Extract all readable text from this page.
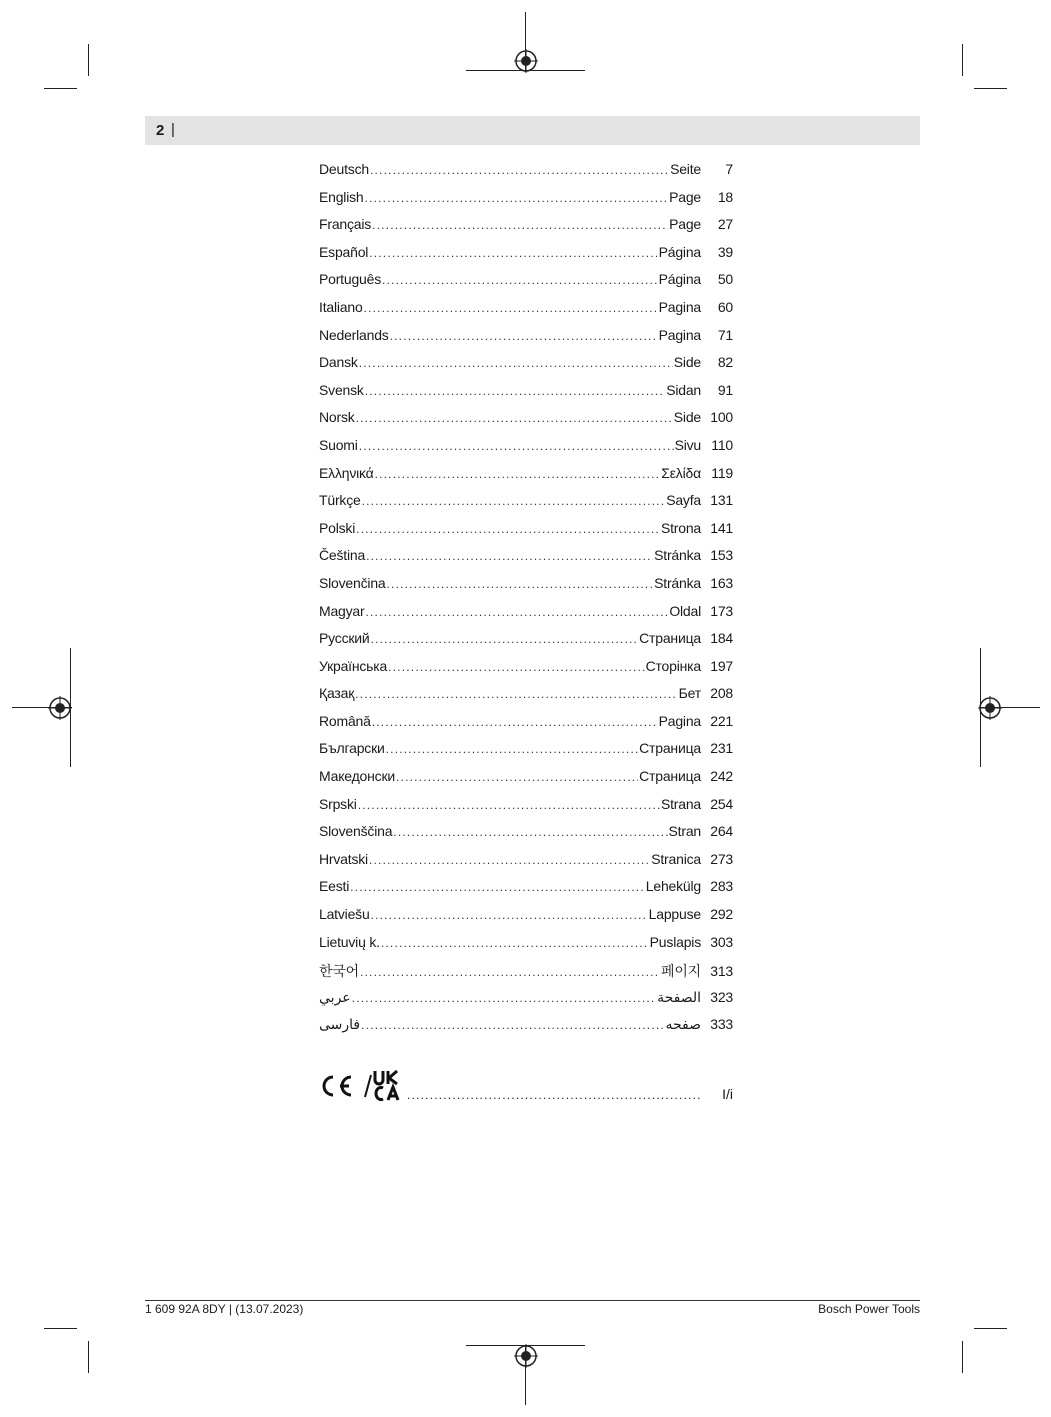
2 |
Deutsch .....	Seite	7
English .....	Page	18
Français .....	Page	27
Español .....	Página	39
Português .....	Página	50
Italiano .....	Pagina	60
Nederlands .....	Pagina	71
Dansk .....	Side	82
Svensk .....	Sidan	91
Norsk .....	Side 100
Suomi .....	Sivu 110
Ελληνικά .....	Σελίδα 119
Türkçe .....	Sayfa 131
Polski .....	Strona 141
Čeština .....	Stránka 153
Slovenčina .....	Stránka 163
Magyar .....	Oldal 173
Русский .....	Страница 184
Українська .....	Сторінка 197
Қазақ .....	Бет 208
Română .....	Pagina 221
Български .....	Страница 231
Македонски .....	Страница 242
Srpski .....	Strana 254
Slovenščina .....	Stran 264
Hrvatski .....	Stranica 273
Eesti .....	Lehekülg 283
Latviešu .....	Lappuse 292
Lietuvių k. .....	Puslapis 303
한국어 .....	페이지 313
عربي .....	الصفحة 323
فارسی .....	صفحه 333
.....
I/i
1 609 92A 8DY | (13.07.2023)	Bosch Power Tools
